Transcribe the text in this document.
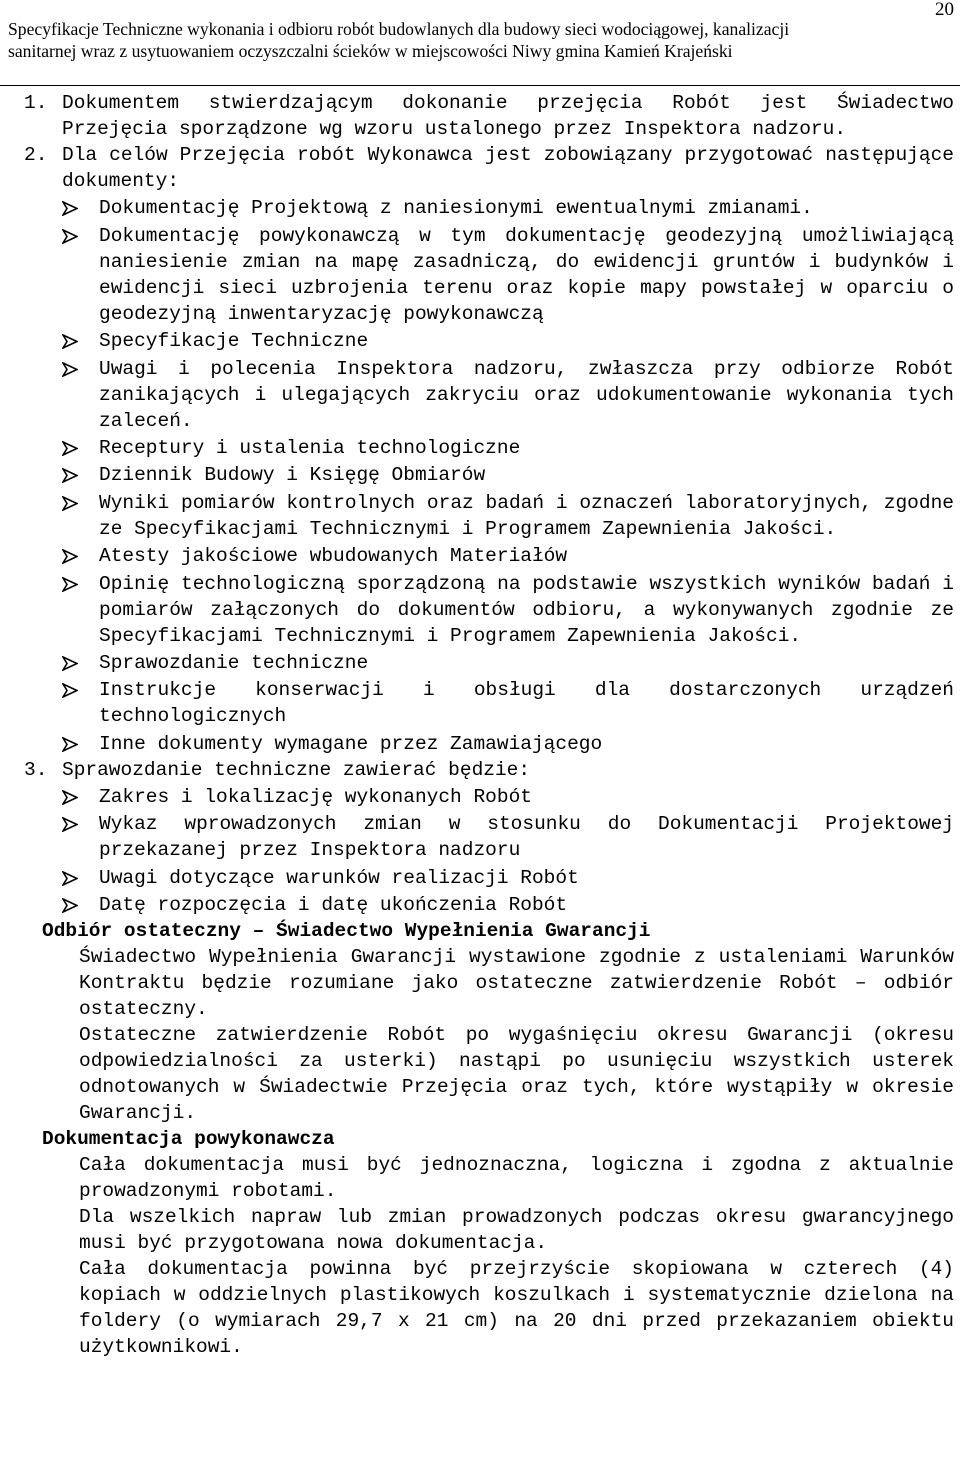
20
Specyfikacje Techniczne wykonania i odbioru robót budowlanych dla budowy sieci wodociągowej, kanalizacji
sanitarnej wraz z usytuowaniem oczyszczalni ścieków w miejscowości Niwy gmina Kamień Krajeński
1. Dokumentem stwierdzającym dokonanie przejęcia Robót jest Świadectwo Przejęcia sporządzone wg wzoru ustalonego przez Inspektora nadzoru.
2. Dla celów Przejęcia robót Wykonawca jest zobowiązany przygotować następujące dokumenty:
Dokumentację Projektową z naniesionymi ewentualnymi zmianami.
Dokumentację powykonawczą w tym dokumentację geodezyjną umożliwiającą naniesienie zmian na mapę zasadniczą, do ewidencji gruntów i budynków i ewidencji sieci uzbrojenia terenu oraz kopie mapy powstałej w oparciu o geodezyjną inwentaryzację powykonawczą
Specyfikacje Techniczne
Uwagi i polecenia Inspektora nadzoru, zwłaszcza przy odbiorze Robót zanikających i ulegających zakryciu oraz udokumentowanie wykonania tych zaleceń.
Receptury i ustalenia technologiczne
Dziennik Budowy i Księgę Obmiarów
Wyniki pomiarów kontrolnych oraz badań i oznaczeń laboratoryjnych, zgodne ze Specyfikacjami Technicznymi i Programem Zapewnienia Jakości.
Atesty jakościowe wbudowanych Materiałów
Opinię technologiczną sporządzoną na podstawie wszystkich wyników badań i pomiarów załączonych do dokumentów odbioru, a wykonywanych zgodnie ze Specyfikacjami Technicznymi i Programem Zapewnienia Jakości.
Sprawozdanie techniczne
Instrukcje konserwacji i obsługi dla dostarczonych urządzeń technologicznych
Inne dokumenty wymagane przez Zamawiającego
3. Sprawozdanie techniczne zawierać będzie:
Zakres i lokalizację wykonanych Robót
Wykaz wprowadzonych zmian w stosunku do Dokumentacji Projektowej przekazanej przez Inspektora nadzoru
Uwagi dotyczące warunków realizacji Robót
Datę rozpoczęcia i datę ukończenia Robót
Odbiór ostateczny – Świadectwo Wypełnienia Gwarancji
Świadectwo Wypełnienia Gwarancji wystawione zgodnie z ustaleniami Warunków Kontraktu będzie rozumiane jako ostateczne zatwierdzenie Robót – odbiór ostateczny.
Ostateczne zatwierdzenie Robót po wygaśnięciu okresu Gwarancji (okresu odpowiedzialności za usterki) nastąpi po usunięciu wszystkich usterek odnotowanych w Świadectwie Przejęcia oraz tych, które wystąpiły w okresie Gwarancji.
Dokumentacja powykonawcza
Cała dokumentacja musi być jednoznaczna, logiczna i zgodna z aktualnie prowadzonymi robotami.
Dla wszelkich napraw lub zmian prowadzonych podczas okresu gwarancyjnego musi być przygotowana nowa dokumentacja.
Cała dokumentacja powinna być przejrzyście skopiowana w czterech (4) kopiach w oddzielnych plastikowych koszulkach i systematycznie dzielona na foldery (o wymiarach 29,7 x 21 cm) na 20 dni przed przekazaniem obiektu użytkownikowi.
